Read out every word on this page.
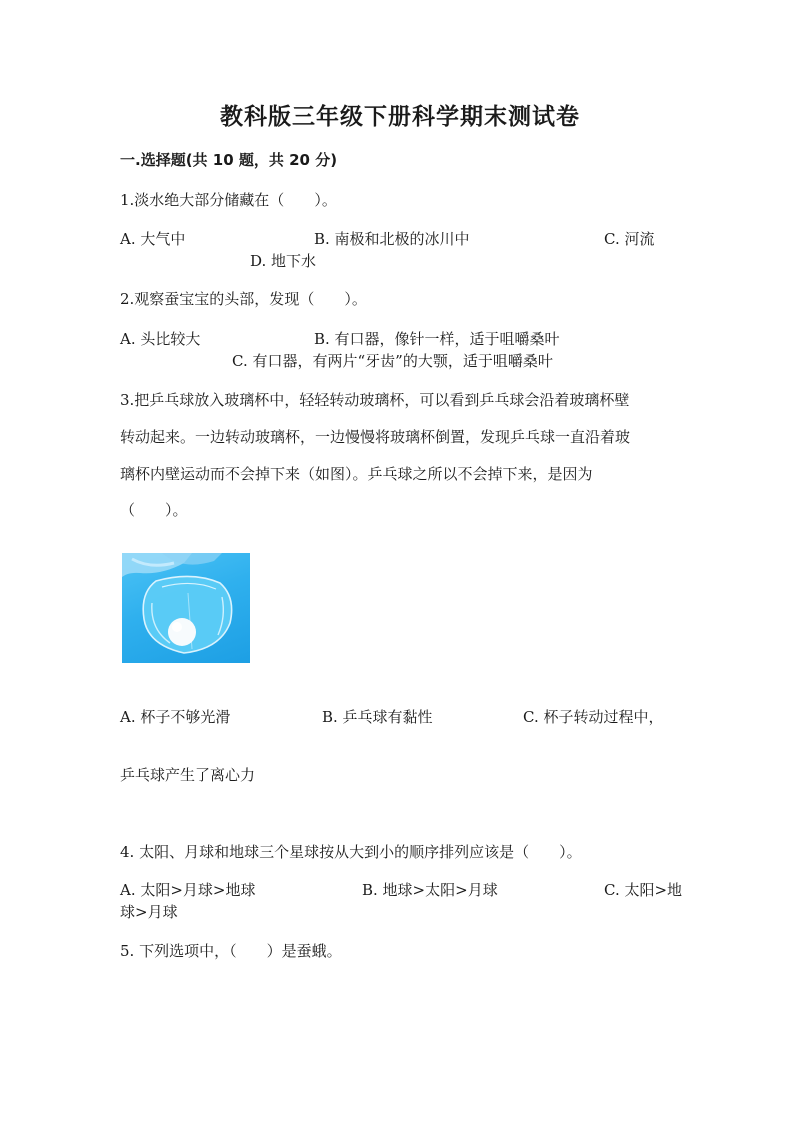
教科版三年级下册科学期末测试卷
一.选择题(共 10 题，共 20 分)
1.淡水绝大部分储藏在（　　）。
A. 大气中	B. 南极和北极的冰川中	C. 河流
D. 地下水
2.观察蚕宝宝的头部，发现（　　）。
A. 头比较大	B. 有口器，像针一样，适于咀嚼桑叶
C. 有口器，有两片“牙齿”的大颚，适于咀嚼桑叶
3.把乒乓球放入玻璃杯中，轻轻转动玻璃杯，可以看到乒乓球会沿着玻璃杯壁
转动起来。一边转动玻璃杯，一边慢慢将玻璃杯倒置，发现乒乓球一直沿着玻
璃杯内壁运动而不会掉下来（如图）。乒乓球之所以不会掉下来，是因为
（　　）。
A. 杯子不够光滑	B. 乒乓球有黏性	C. 杯子转动过程中，
乒乓球产生了离心力
4. 太阳、月球和地球三个星球按从大到小的顺序排列应该是（　　）。
A. 太阳>月球>地球	B. 地球>太阳>月球	C. 太阳>地
球>月球
5. 下列选项中，（　　）是蚕蛾。
